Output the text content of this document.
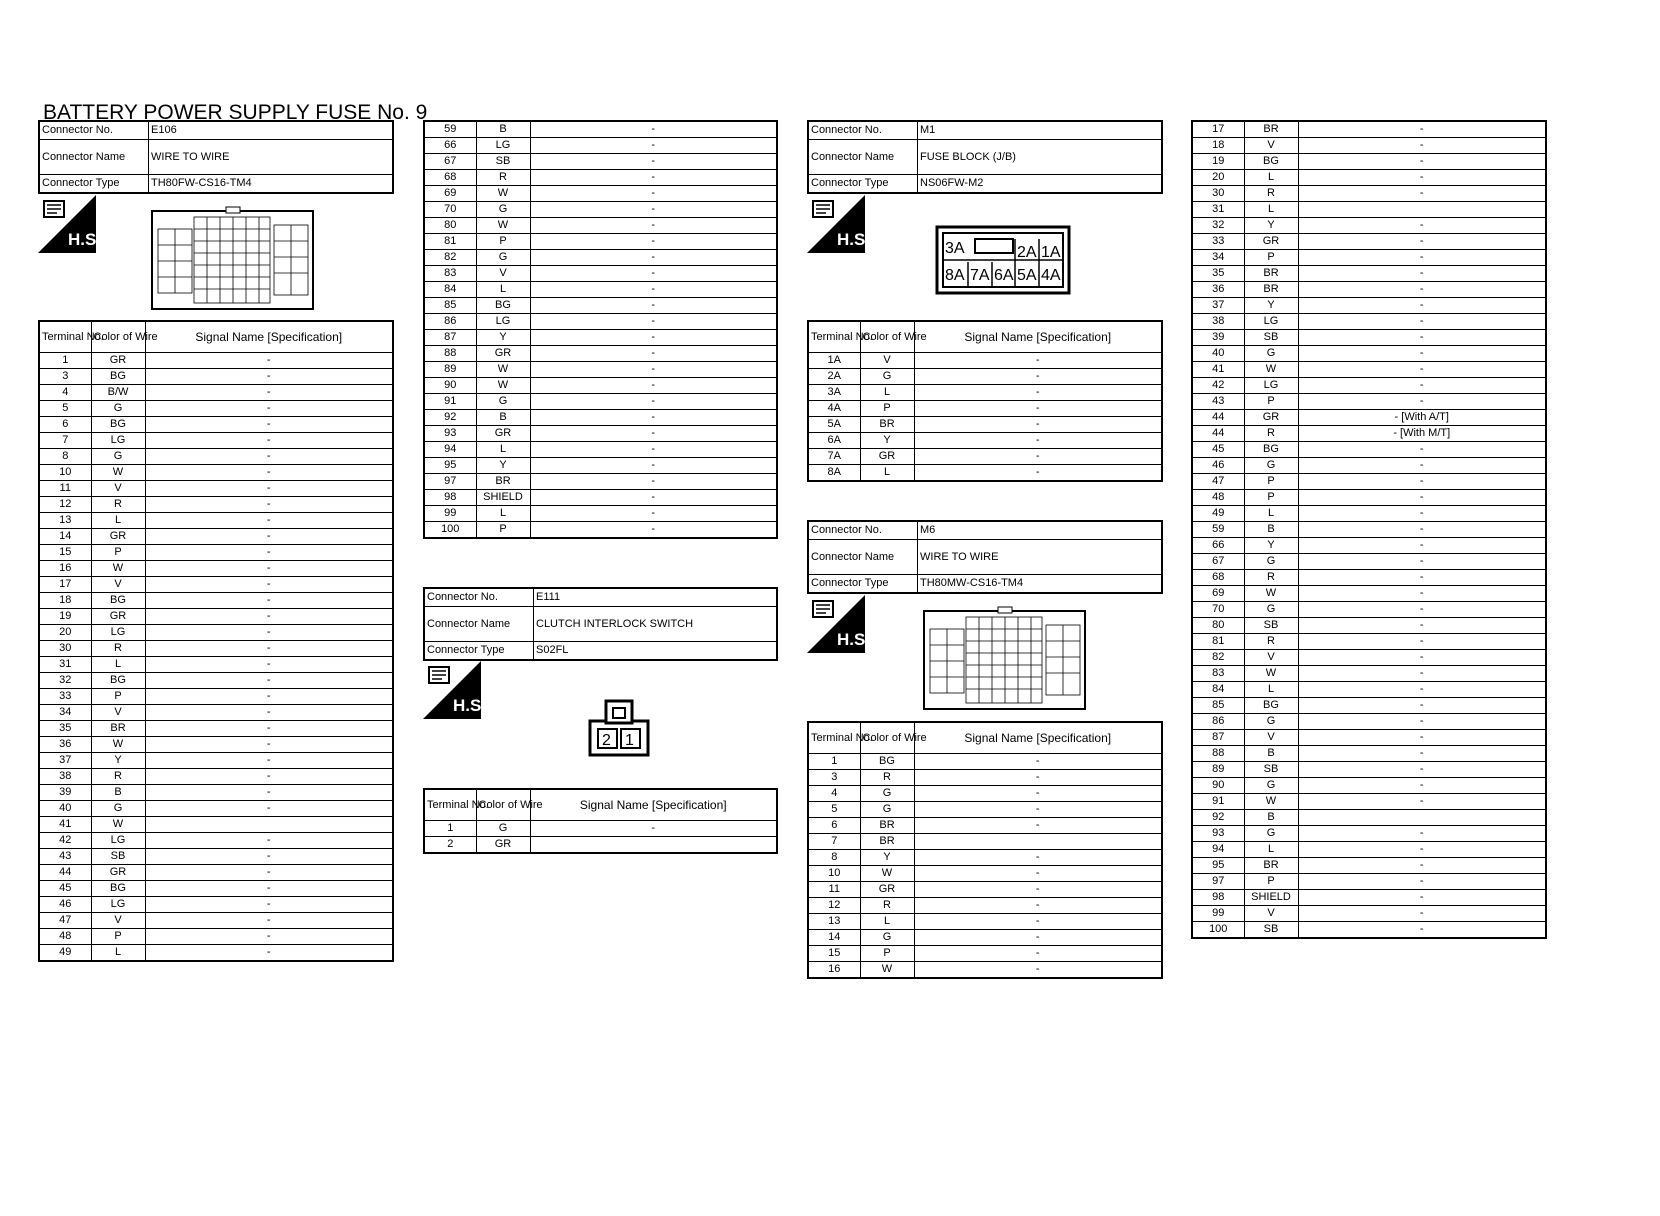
BATTERY POWER SUPPLY FUSE No. 9
Connector No.	E106
Connector Name	WIRE TO WIRE
Connector Type	TH80FW-CS16-TM4
H.S.
Terminal No.	Color of Wire	Signal Name [Specification]
1	GR	-
3	BG	-
4	B/W	-
5	G	-
6	BG	-
7	LG	-
8	G	-
10	W	-
11	V	-
12	R	-
13	L	-
14	GR	-
15	P	-
16	W	-
17	V	-
18	BG	-
19	GR	-
20	LG	-
30	R	-
31	L	-
32	BG	-
33	P	-
34	V	-
35	BR	-
36	W	-
37	Y	-
38	R	-
39	B	-
40	G	-
41	W	
42	LG	-
43	SB	-
44	GR	-
45	BG	-
46	LG	-
47	V	-
48	P	-
49	L	-
59	B	-
66	LG	-
67	SB	-
68	R	-
69	W	-
70	G	-
80	W	-
81	P	-
82	G	-
83	V	-
84	L	-
85	BG	-
86	LG	-
87	Y	-
88	GR	-
89	W	-
90	W	-
91	G	-
92	B	-
93	GR	-
94	L	-
95	Y	-
97	BR	-
98	SHIELD	-
99	L	-
100	P	-
Connector No.	E111
Connector Name	CLUTCH INTERLOCK SWITCH
Connector Type	S02FL
H.S.
2 1
Terminal No.	Color of Wire	Signal Name [Specification]
1	G	-
2	GR	
Connector No.	M1
Connector Name	FUSE BLOCK (J/B)
Connector Type	NS06FW-M2
H.S.	3A	2A 1A
8A 7A 6A 5A 4A
Terminal No.	Color of Wire	Signal Name [Specification]
1A	V	-
2A	G	-
3A	L	-
4A	P	-
5A	BR	-
6A	Y	-
7A	GR	-
8A	L	-
Connector No.	M6
Connector Name	WIRE TO WIRE
Connector Type	TH80MW-CS16-TM4
H.S.
Terminal No.	Color of Wire	Signal Name [Specification]
1	BG	-
3	R	-
4	G	-
5	G	-
6	BR	-
7	BR	
8	Y	-
10	W	-
11	GR	-
12	R	-
13	L	-
14	G	-
15	P	-
16	W	-
17	BR	-
18	V	-
19	BG	-
20	L	-
30	R	-
31	L	
32	Y	-
33	GR	-
34	P	-
35	BR	-
36	BR	-
37	Y	-
38	LG	-
39	SB	-
40	G	-
41	W	-
42	LG	-
43	P	-
44	GR	- [With A/T]
44	R	- [With M/T]
45	BG	-
46	G	-
47	P	-
48	P	-
49	L	-
59	B	-
66	Y	-
67	G	-
68	R	-
69	W	-
70	G	-
80	SB	-
81	R	-
82	V	-
83	W	-
84	L	-
85	BG	-
86	G	-
87	V	-
88	B	-
89	SB	-
90	G	-
91	W	-
92	B	
93	G	-
94	L	-
95	BR	-
97	P	-
98	SHIELD	-
99	V	-
100	SB	-
